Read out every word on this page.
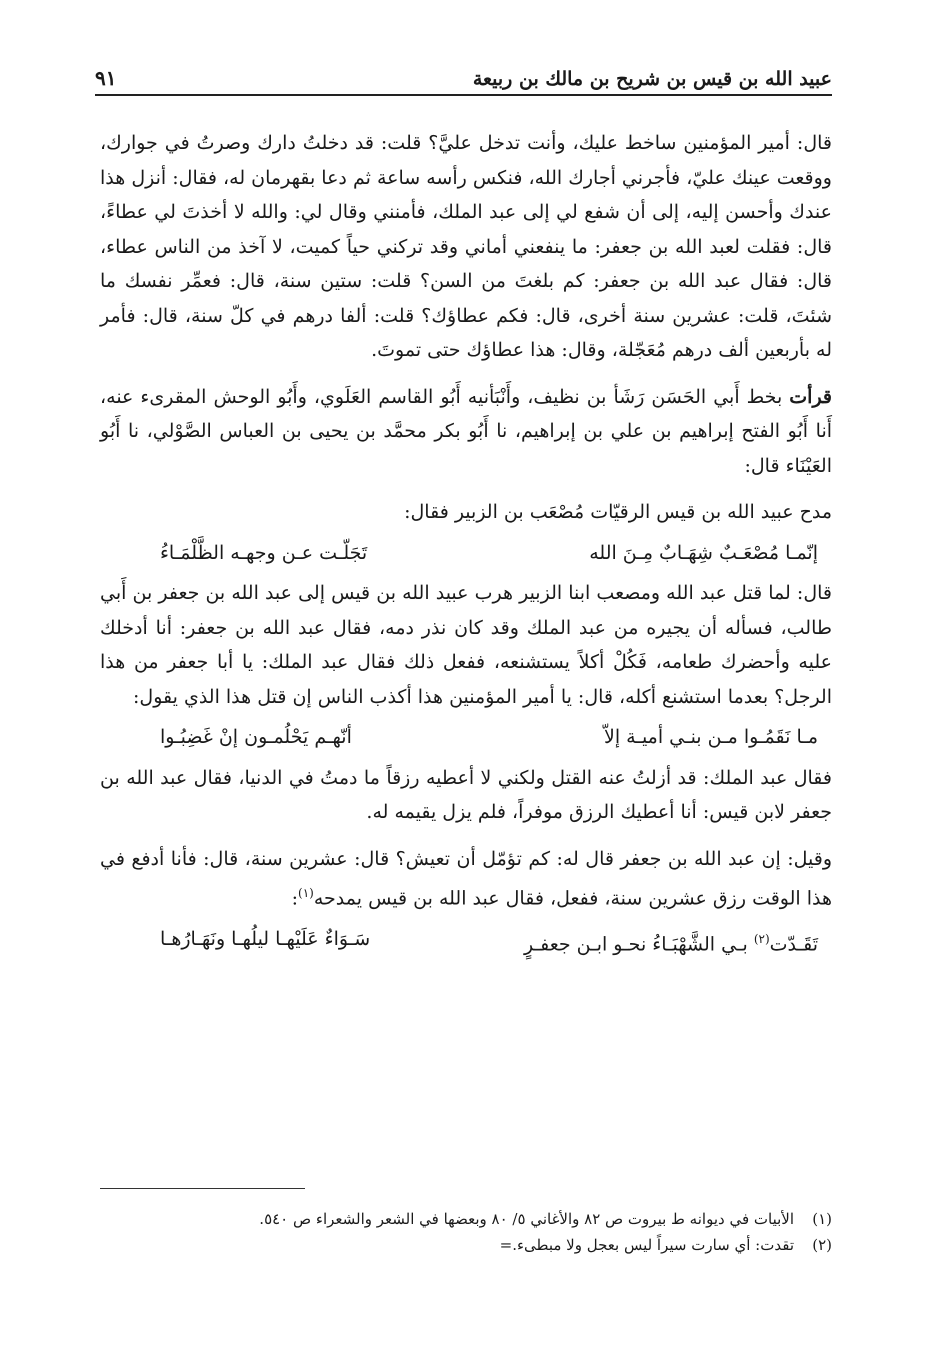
عبيد الله بن قيس بن شريح بن مالك بن ربيعة
٩١

قال: أمير المؤمنين ساخط عليك، وأنت تدخل عليَّ؟ قلت: قد دخلتُ دارك وصرتُ في جوارك، ووقعت عينك عليّ، فأجرني أجارك الله، فنكس رأسه ساعة ثم دعا بقهرمان له، فقال: أنزل هذا عندك وأحسن إليه، إلى أن شفع لي إلى عبد الملك، فأمنني وقال لي: والله لا أخذتَ لي عطاءً، قال: فقلت لعبد الله بن جعفر: ما ينفعني أماني وقد تركني حياً كميت، لا آخذ من الناس عطاء، قال: فقال عبد الله بن جعفر: كم بلغتَ من السن؟ قلت: ستين سنة، قال: فعمِّر نفسك ما شئتَ، قلت: عشرين سنة أخرى، قال: فكم عطاؤك؟ قلت: ألفا درهم في كلّ سنة، قال: فأمر له بأربعين ألف درهم مُعَجّلة، وقال: هذا عطاؤك حتى تموتَ.

قرأت بخط أَبي الحَسَن رَشَأ بن نظيف، وأَنْبَأنيه أَبُو القاسم العَلَوي، وأَبُو الوحش المقرىء عنه، أَنا أَبُو الفتح إبراهيم بن علي بن إبراهيم، نا أَبُو بكر محمَّد بن يحيى بن العباس الصَّوْلي، نا أَبُو العَيْنَاء قال:

مدح عبيد الله بن قيس الرقيّات مُصْعَب بن الزبير فقال:

إنّمـا مُصْعَـبٌ شِهَـابٌ مِـنَ الله
تَجَلّـت عـن وجهـه الظَّلْمَـاءُ

قال: لما قتل عبد الله ومصعب ابنا الزبير هرب عبيد الله بن قيس إلى عبد الله بن جعفر بن أَبي طالب، فسأله أن يجيره من عبد الملك وقد كان نذر دمه، فقال عبد الله بن جعفر: أنا أدخلك عليه وأحضرك طعامه، فَكُلْ أكلاً يستشنعه، ففعل ذلك فقال عبد الملك: يا أبا جعفر من هذا الرجل؟ بعدما استشنع أكله، قال: يا أمير المؤمنين هذا أكذب الناس إن قتل هذا الذي يقول:

مـا نَقَمُـوا مـن بنـي أميـة إلاّ
أنّهـم يَحْلُمـون إنْ غَضِبُـوا

فقال عبد الملك: قد أزلتُ عنه القتل ولكني لا أعطيه رزقاً ما دمتُ في الدنيا، فقال عبد الله بن جعفر لابن قيس: أنا أعطيك الرزق موفراً، فلم يزل يقيمه له.

وقيل: إن عبد الله بن جعفر قال له: كم تؤمّل أن تعيش؟ قال: عشرين سنة، قال: فأنا أدفع في هذا الوقت رزق عشرين سنة، ففعل، فقال عبد الله بن قيس يمدحه$^{(١)}$:

تَقَـدّت$^{(٢)}$ بـي الشَّهْبَـاءُ نحـو ابـن جعفـرٍ
سَـوَاءٌ عَلَيْهـا ليلُهـا ونَهَـارُهـا
(١)الأبيات في ديوانه ط بيروت ص ٨٢ والأغاني ٥/ ٨٠ وبعضها في الشعر والشعراء ص ٥٤٠.
(٢)تقدت: أي سارت سيراً ليس بعجل ولا مبطىء.=
